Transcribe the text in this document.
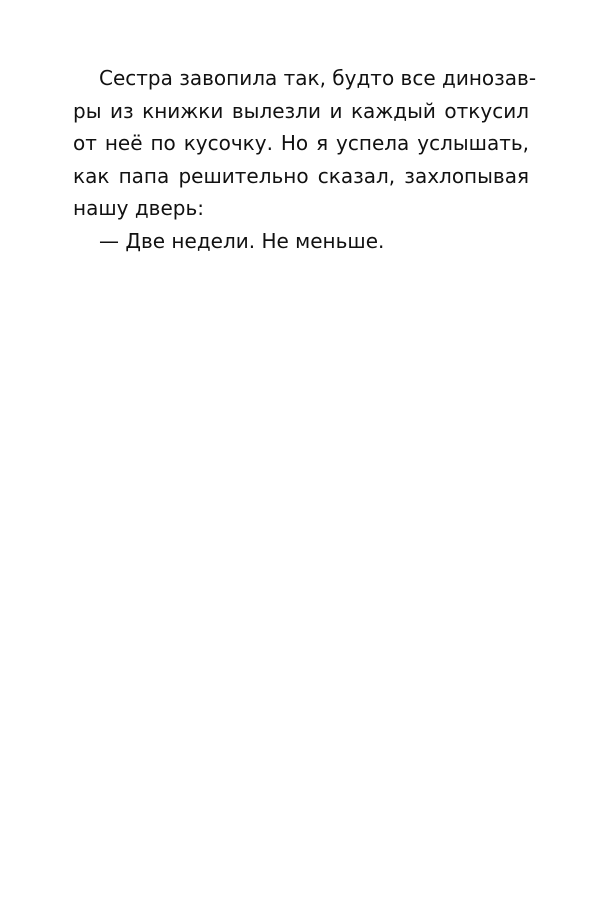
Сестра завопила так, будто все динозав-
ры из книжки вылезли и каждый откусил
от неё по кусочку. Но я успела услышать,
как папа решительно сказал, захлопывая
нашу дверь:
— Две недели. Не меньше.
